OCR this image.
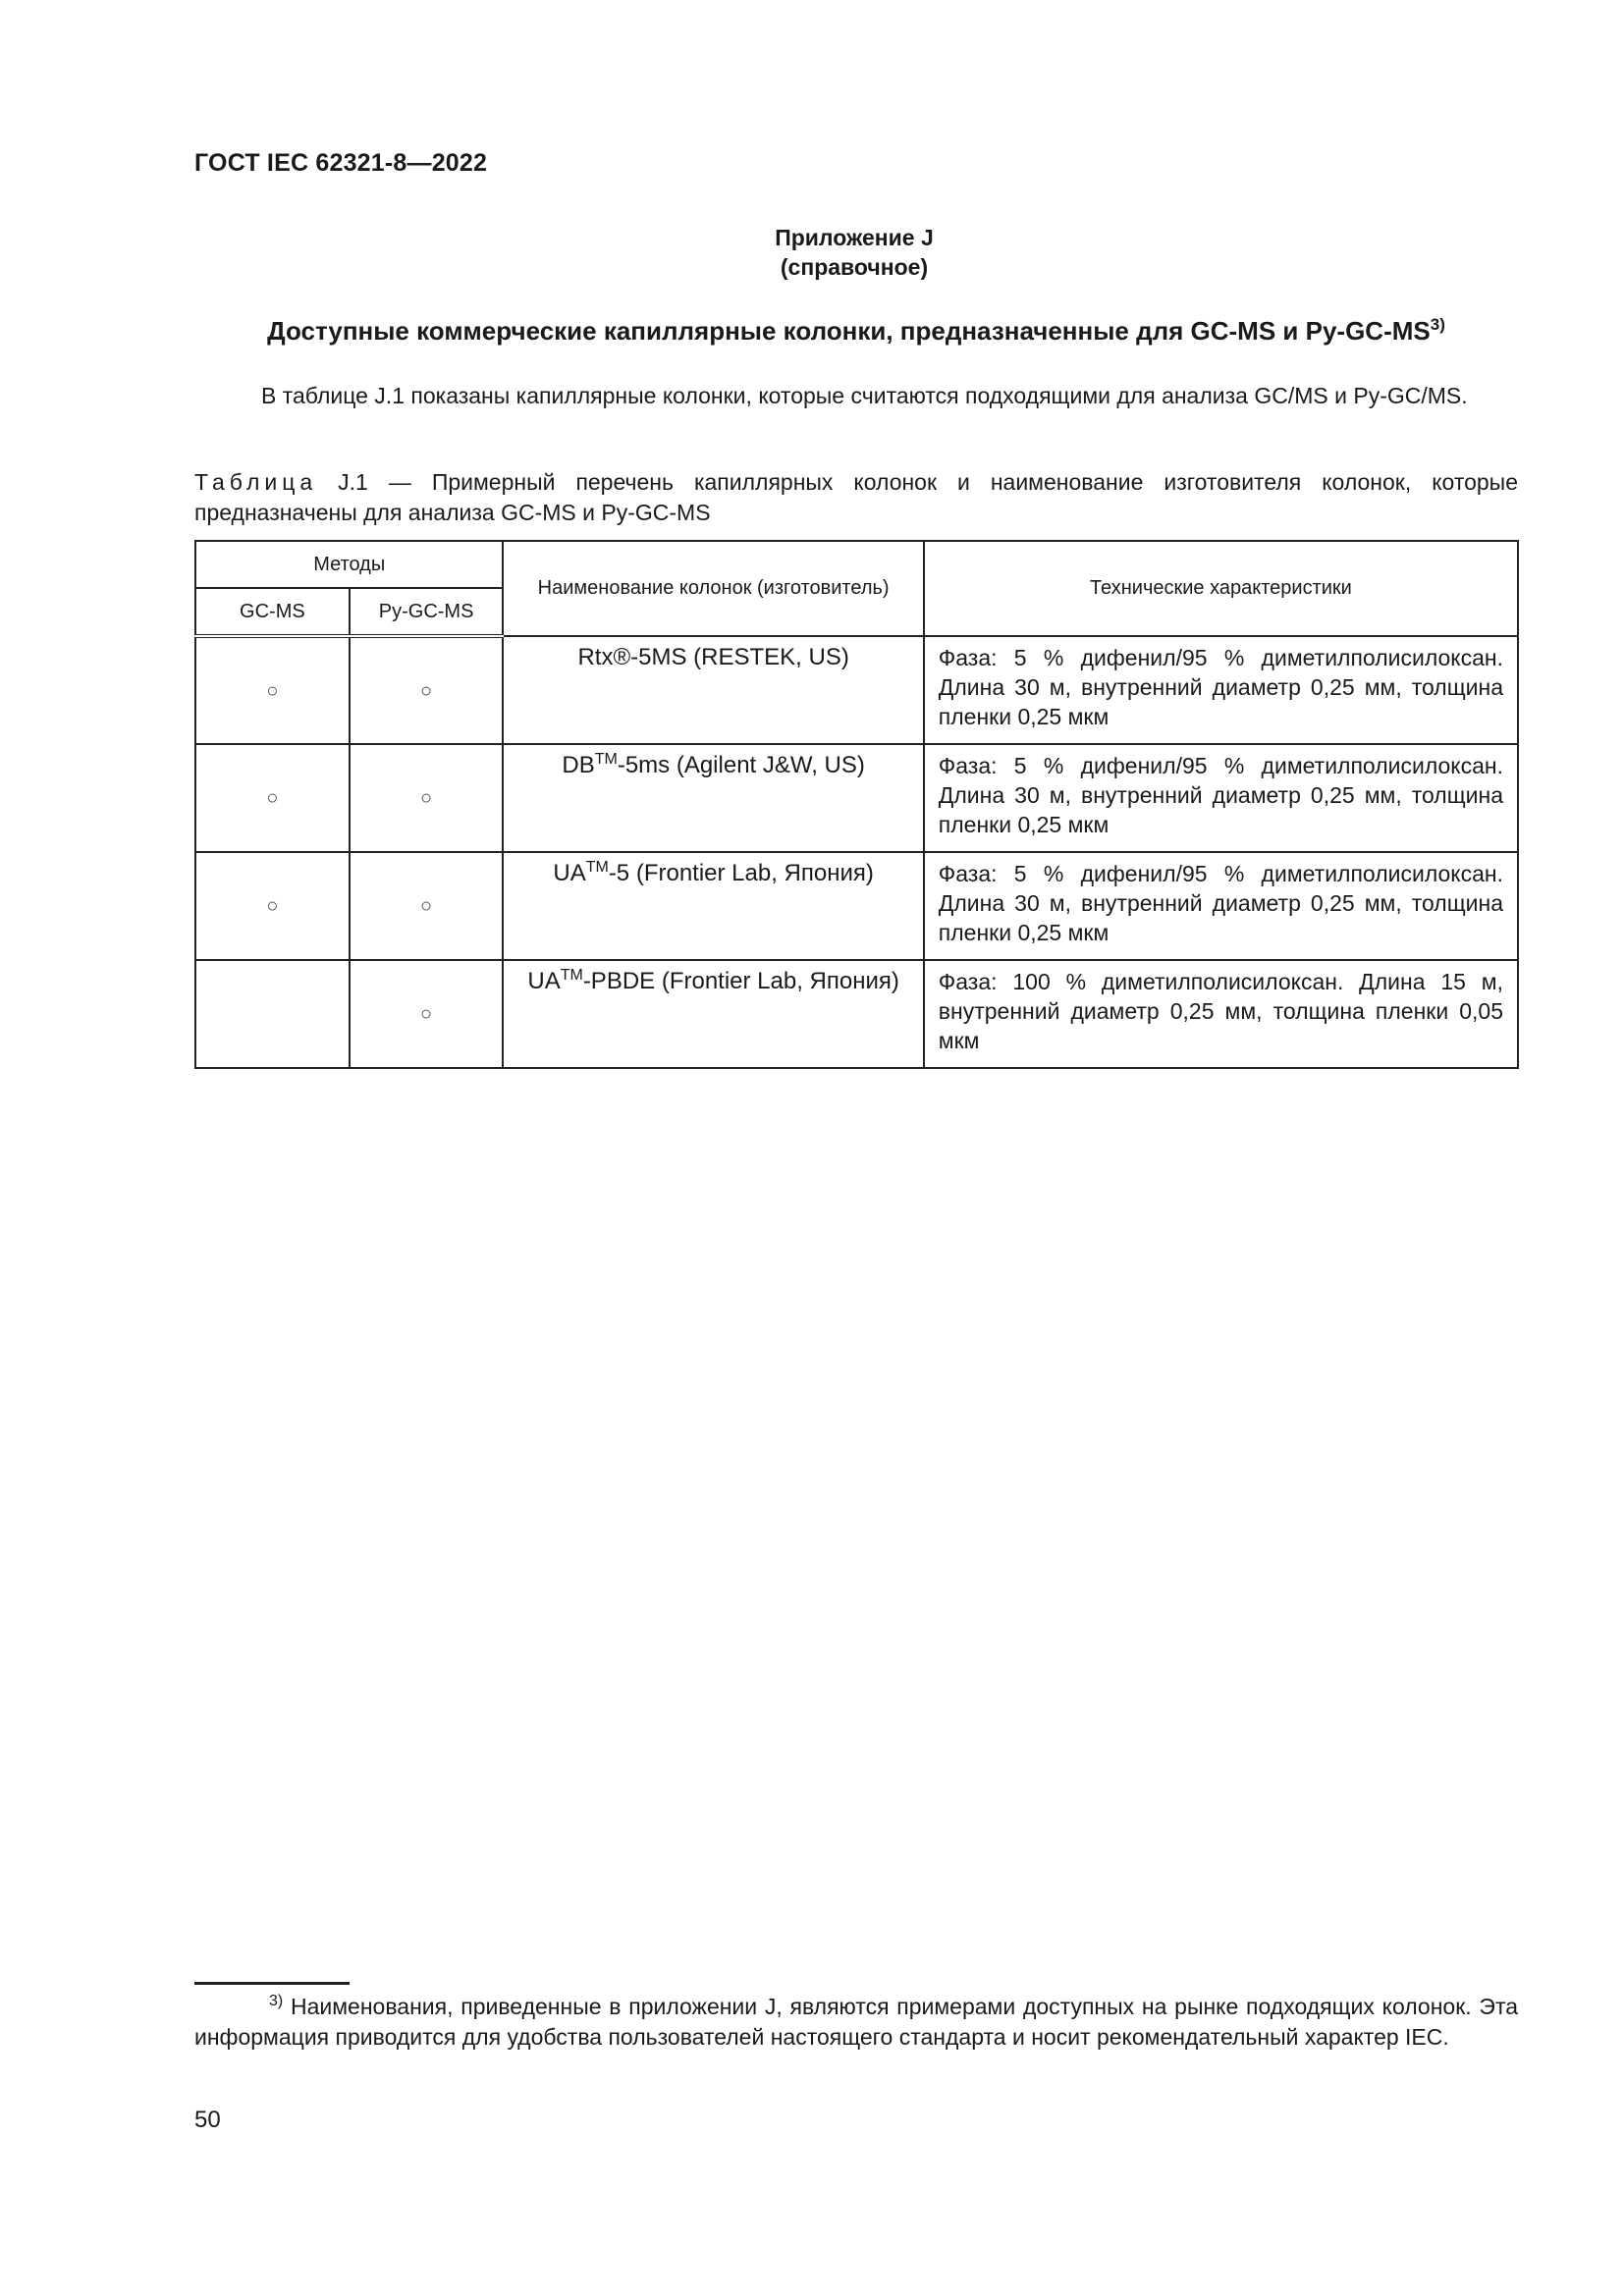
ГОСТ IEC 62321-8—2022
Приложение J
(справочное)
Доступные коммерческие капиллярные колонки, предназначенные для GC-MS и Py-GC-MS$^{3)}$
В таблице J.1 показаны капиллярные колонки, которые считаются подходящими для анализа GC/MS и Py-GC/MS.
Таблица J.1 — Примерный перечень капиллярных колонок и наименование изготовителя колонок, которые предназначены для анализа GC-MS и Py-GC-MS
Методы		Наименование колонок (изготовитель)	Технические характеристики
GC-MS	Py-GC-MS		
○	○	Rtx®-5MS (RESTEK, US)	Фаза: 5 % дифенил/95 % диметилполисилоксан. Длина 30 м, внутренний диаметр 0,25 мм, толщина пленки 0,25 мкм
○	○	DB™-5ms (Agilent J&W, US)	Фаза: 5 % дифенил/95 % диметилполисилоксан. Длина 30 м, внутренний диаметр 0,25 мм, толщина пленки 0,25 мкм
○	○	UA™-5 (Frontier Lab, Япония)	Фаза: 5 % дифенил/95 % диметилполисилоксан. Длина 30 м, внутренний диаметр 0,25 мм, толщина пленки 0,25 мкм
	○	UA™-PBDE (Frontier Lab, Япония)	Фаза: 100 % диметилполисилоксан. Длина 15 м, внутренний диаметр 0,25 мм, толщина пленки 0,05 мкм
$^{3)}$ Наименования, приведенные в приложении J, являются примерами доступных на рынке подходящих колонок. Эта информация приводится для удобства пользователей настоящего стандарта и носит рекомендательный характер IEC.
50
